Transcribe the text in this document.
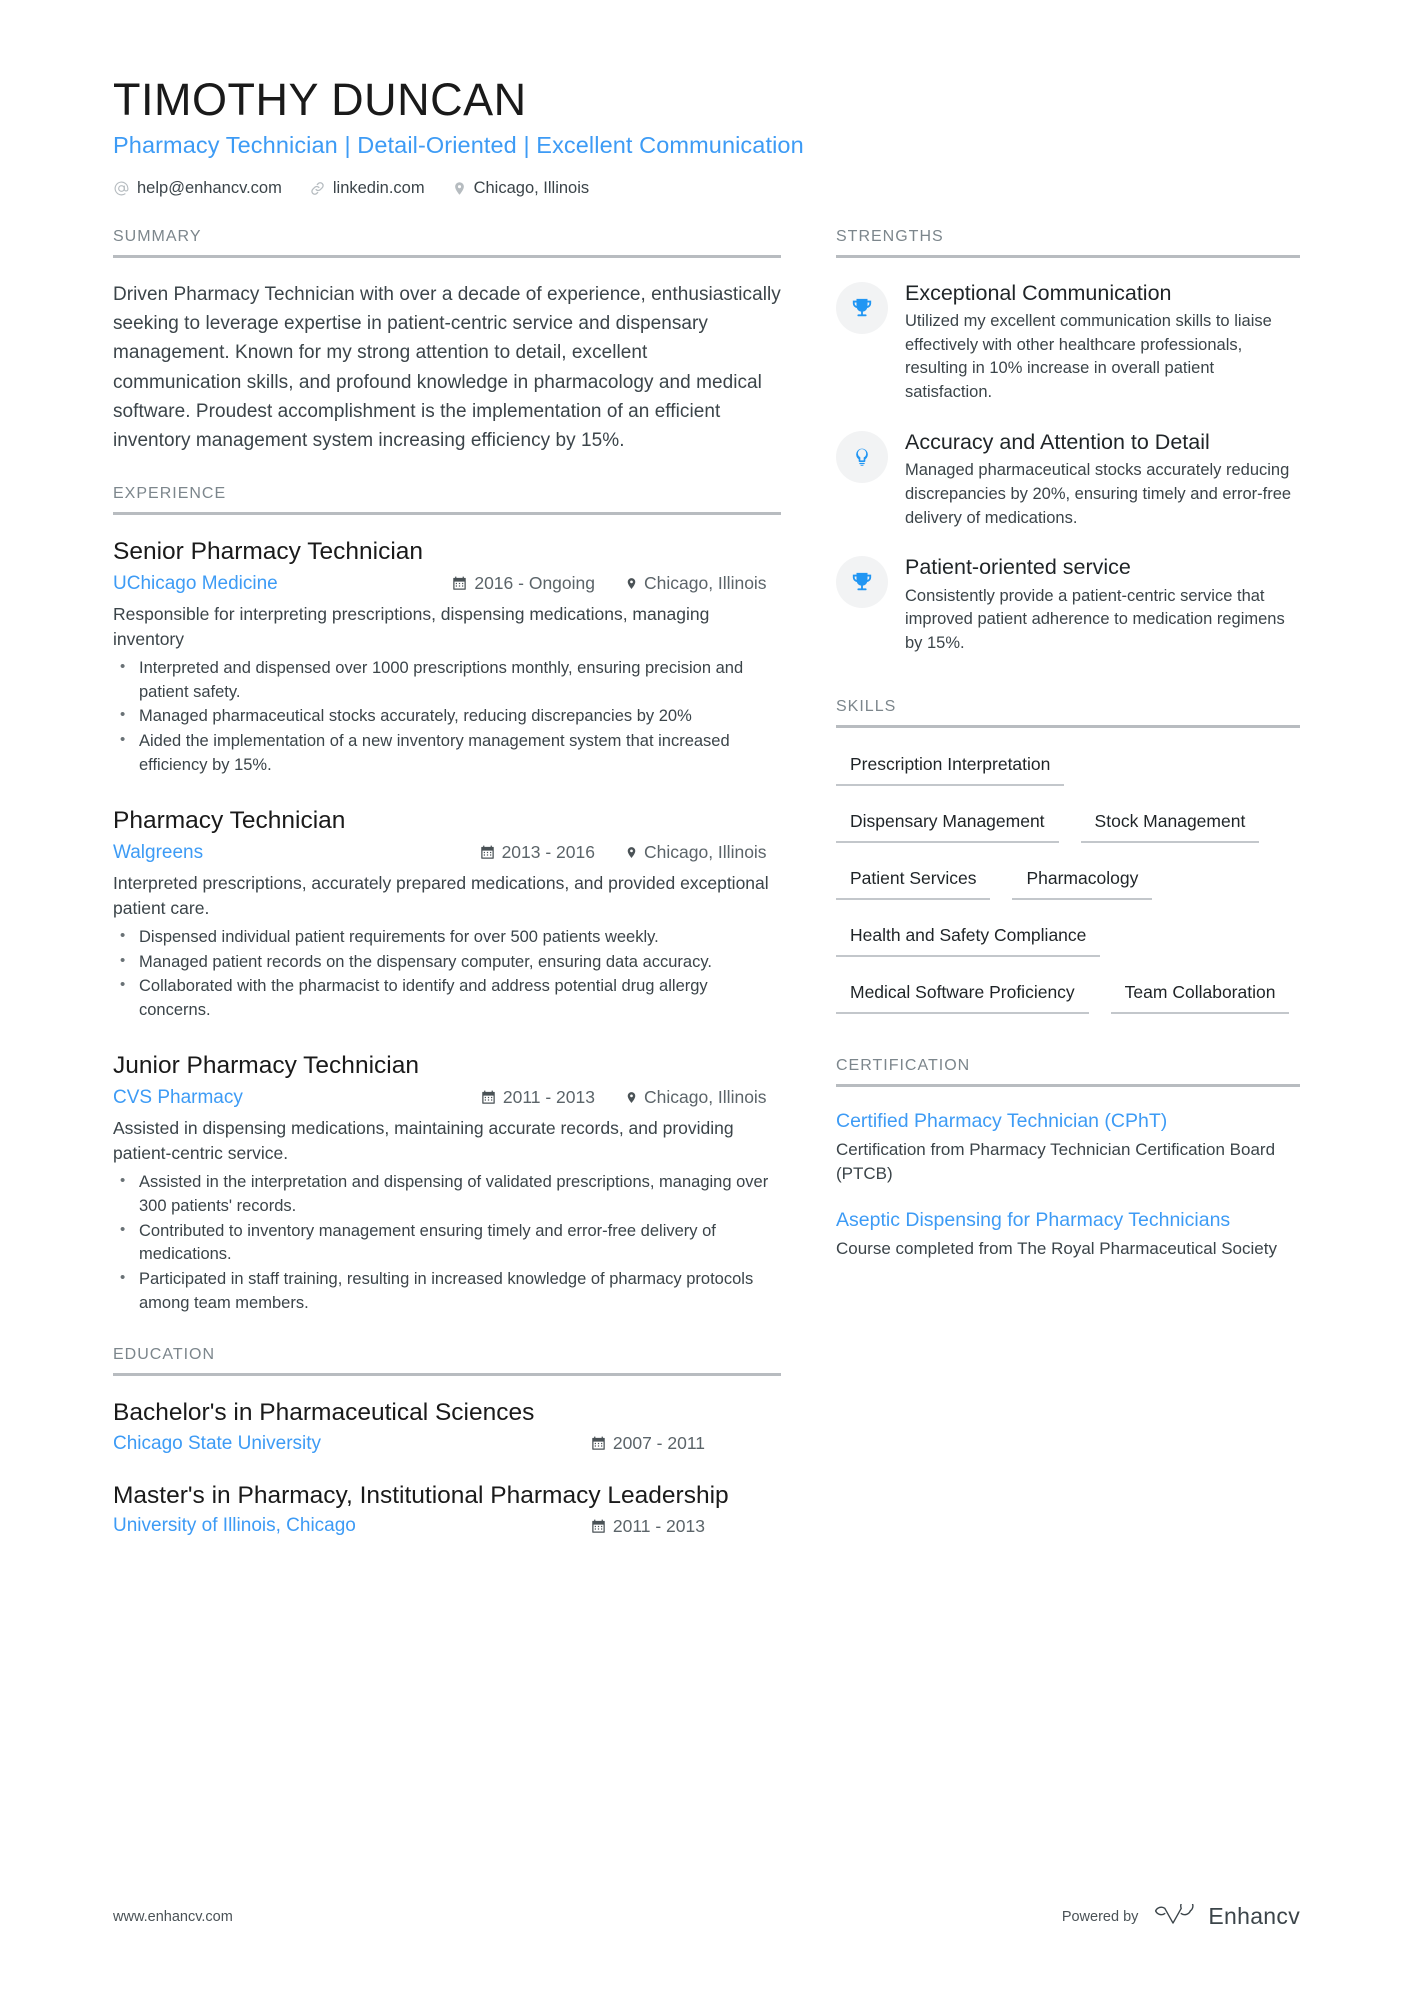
TIMOTHY DUNCAN
Pharmacy Technician | Detail-Oriented | Excellent Communication
help@enhancv.com	linkedin.com	Chicago, Illinois
SUMMARY

Driven Pharmacy Technician with over a decade of experience, enthusiastically seeking to leverage expertise in patient-centric service and dispensary management. Known for my strong attention to detail, excellent communication skills, and profound knowledge in pharmacology and medical software. Proudest accomplishment is the implementation of an efficient inventory management system increasing efficiency by 15%.

EXPERIENCE
Senior Pharmacy Technician
UChicago Medicine	2016 - Ongoing	Chicago, Illinois
Responsible for interpreting prescriptions, dispensing medications, managing inventory
• Interpreted and dispensed over 1000 prescriptions monthly, ensuring precision and patient safety.
• Managed pharmaceutical stocks accurately, reducing discrepancies by 20%
• Aided the implementation of a new inventory management system that increased efficiency by 15%.
Pharmacy Technician
Walgreens	2013 - 2016	Chicago, Illinois
Interpreted prescriptions, accurately prepared medications, and provided exceptional patient care.
• Dispensed individual patient requirements for over 500 patients weekly.
• Managed patient records on the dispensary computer, ensuring data accuracy.
• Collaborated with the pharmacist to identify and address potential drug allergy concerns.
Junior Pharmacy Technician
CVS Pharmacy	2011 - 2013	Chicago, Illinois
Assisted in dispensing medications, maintaining accurate records, and providing patient-centric service.
• Assisted in the interpretation and dispensing of validated prescriptions, managing over 300 patients' records.
• Contributed to inventory management ensuring timely and error-free delivery of medications.
• Participated in staff training, resulting in increased knowledge of pharmacy protocols among team members.
EDUCATION
Bachelor's in Pharmaceutical Sciences
Chicago State University	2007 - 2011
Master's in Pharmacy, Institutional Pharmacy Leadership
University of Illinois, Chicago	2011 - 2013
STRENGTHS
Exceptional Communication
Utilized my excellent communication skills to liaise effectively with other healthcare professionals, resulting in 10% increase in overall patient satisfaction.
Accuracy and Attention to Detail
Managed pharmaceutical stocks accurately reducing discrepancies by 20%, ensuring timely and error-free delivery of medications.
Patient-oriented service
Consistently provide a patient-centric service that improved patient adherence to medication regimens by 15%.
SKILLS
Prescription Interpretation
Dispensary Management	Stock Management
Patient Services	Pharmacology
Health and Safety Compliance
Medical Software Proficiency	Team Collaboration
CERTIFICATION
Certified Pharmacy Technician (CPhT)
Certification from Pharmacy Technician Certification Board (PTCB)
Aseptic Dispensing for Pharmacy Technicians
Course completed from The Royal Pharmaceutical Society
www.enhancv.com	Powered by	Enhancv
